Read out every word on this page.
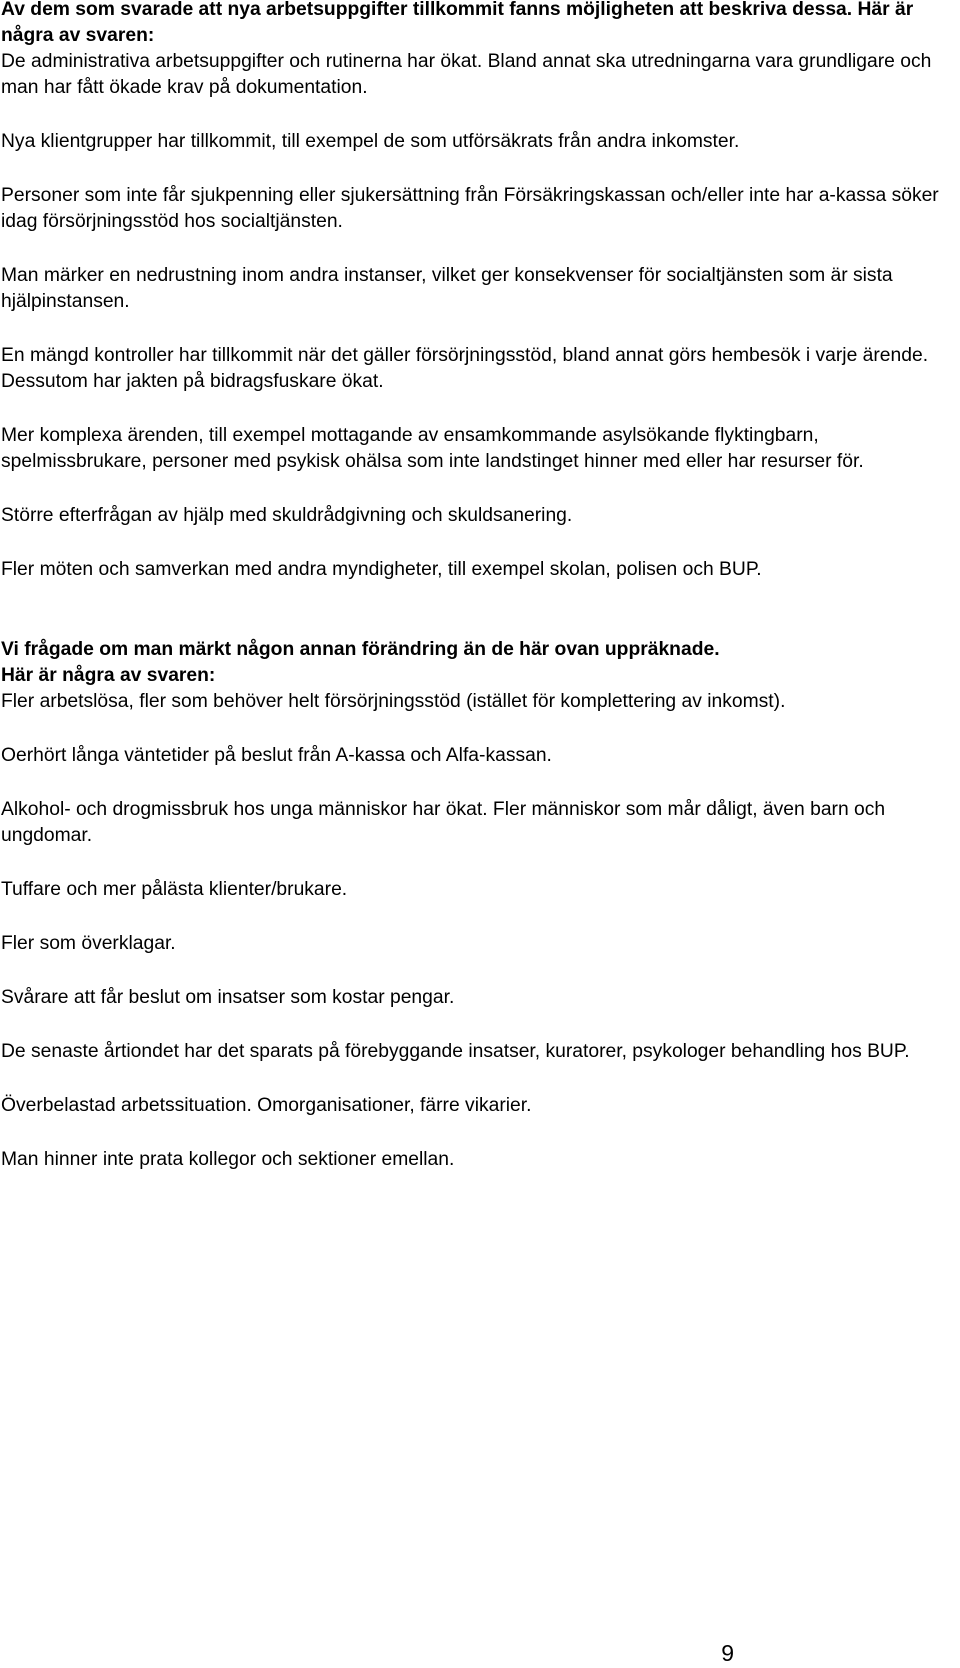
Av dem som svarade att nya arbetsuppgifter tillkommit fanns möjligheten att beskriva dessa. Här är några av svaren:

De administrativa arbetsuppgifter och rutinerna har ökat. Bland annat ska utredningarna vara grundligare och man har fått ökade krav på dokumentation.

Nya klientgrupper har tillkommit, till exempel de som utförsäkrats från andra inkomster.

Personer som inte får sjukpenning eller sjukersättning från Försäkringskassan och/eller inte har a-kassa söker idag försörjningsstöd hos socialtjänsten.

Man märker en nedrustning inom andra instanser, vilket ger konsekvenser för socialtjänsten som är sista hjälpinstansen.

En mängd kontroller har tillkommit när det gäller försörjningsstöd, bland annat görs hembesök i varje ärende. Dessutom har jakten på bidragsfuskare ökat.

Mer komplexa ärenden, till exempel mottagande av ensamkommande asylsökande flyktingbarn, spelmissbrukare, personer med psykisk ohälsa som inte landstinget hinner med eller har resurser för.

Större efterfrågan av hjälp med skuldrådgivning och skuldsanering.

Fler möten och samverkan med andra myndigheter, till exempel skolan, polisen och BUP.

Vi frågade om man märkt någon annan förändring än de här ovan uppräknade.

Här är några av svaren:

Fler arbetslösa, fler som behöver helt försörjningsstöd (istället för komplettering av inkomst).

Oerhört långa väntetider på beslut från A-kassa och Alfa-kassan.

Alkohol- och drogmissbruk hos unga människor har ökat. Fler människor som mår dåligt, även barn och ungdomar.

Tuffare och mer pålästa klienter/brukare.

Fler som överklagar.

Svårare att får beslut om insatser som kostar pengar.

De senaste årtiondet har det sparats på förebyggande insatser, kuratorer, psykologer behandling hos BUP.

Överbelastad arbetssituation. Omorganisationer, färre vikarier.

Man hinner inte prata kollegor och sektioner emellan.

9
